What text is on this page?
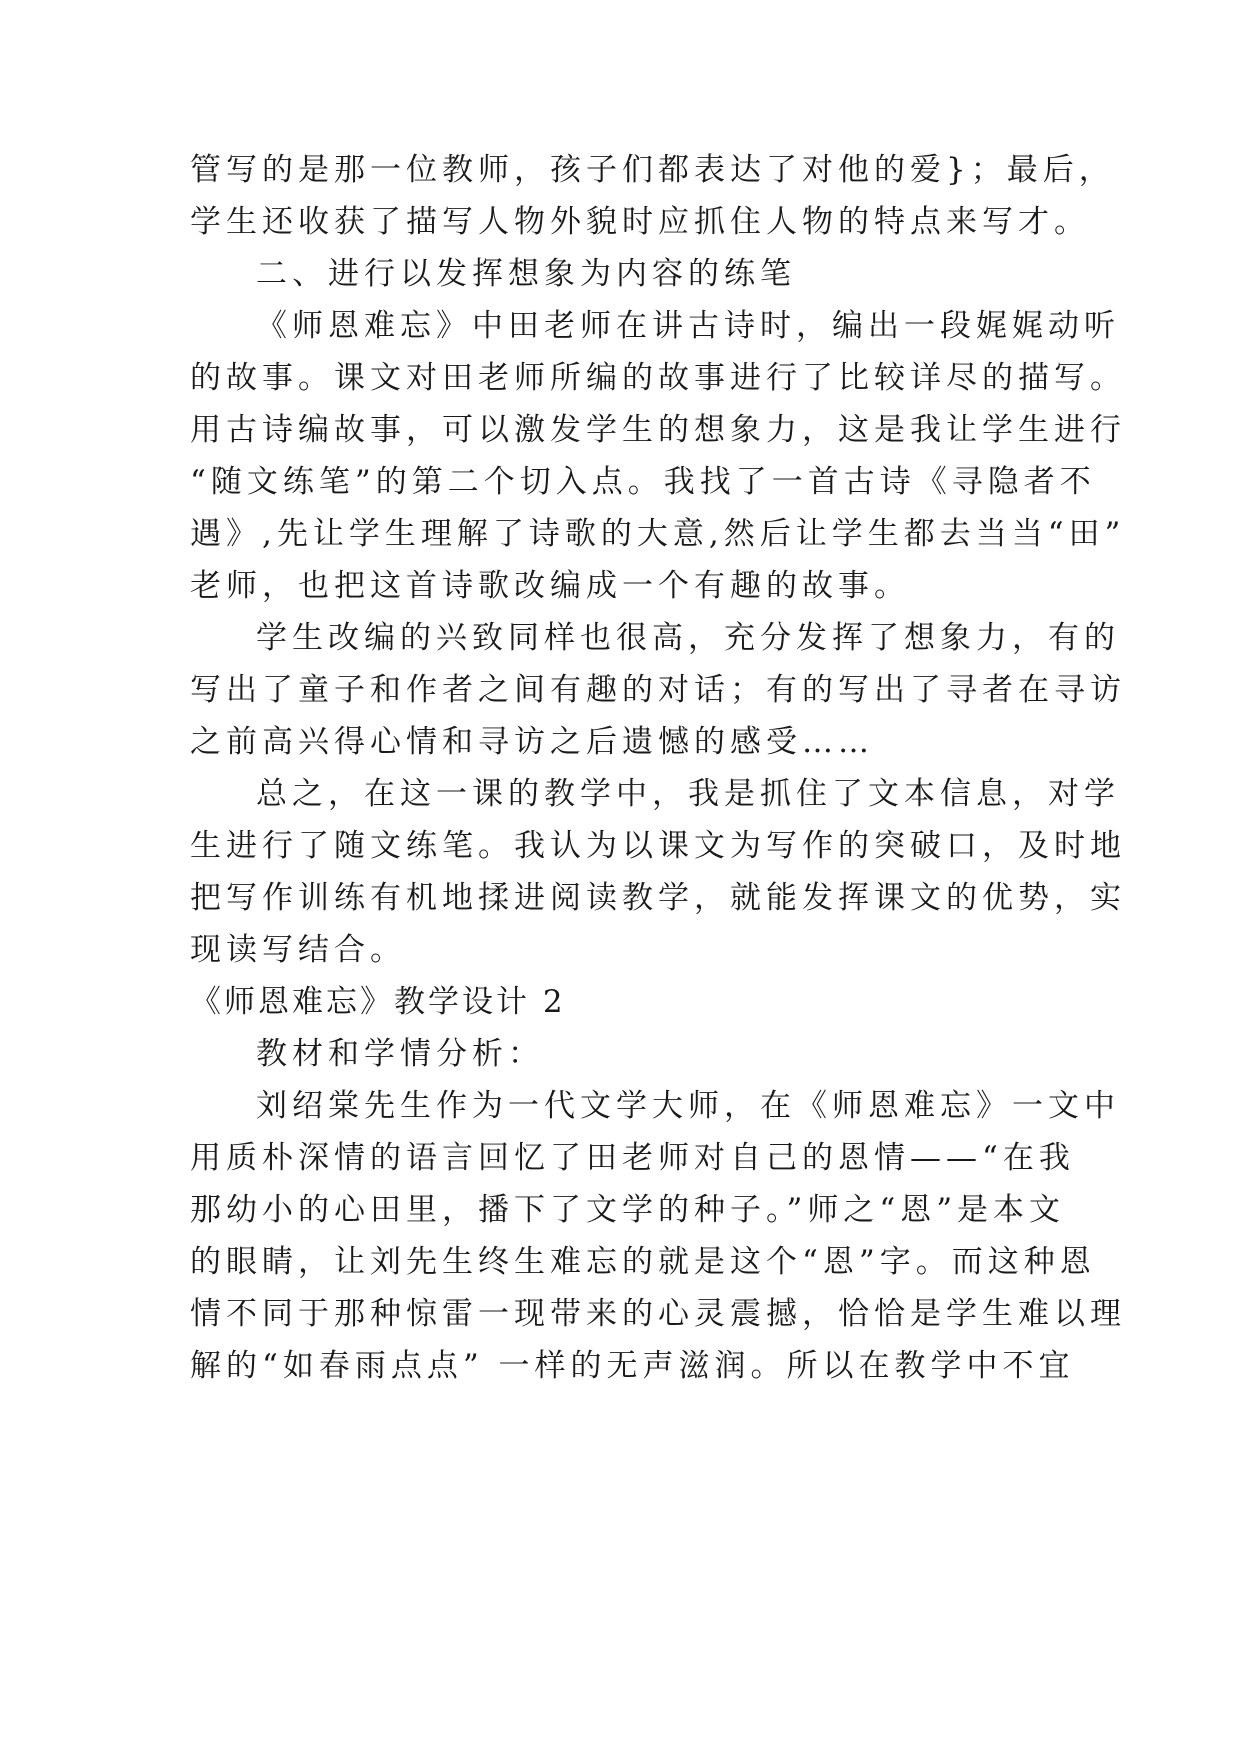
管写的是那一位教师，孩子们都表达了对他的爱}；最后，
学生还收获了描写人物外貌时应抓住人物的特点来写才。
二、进行以发挥想象为内容的练笔
《师恩难忘》中田老师在讲古诗时，编出一段娓娓动听
的故事。课文对田老师所编的故事进行了比较详尽的描写。
用古诗编故事，可以激发学生的想象力，这是我让学生进行
“随文练笔”的第二个切入点。我找了一首古诗《寻隐者不
遇》,先让学生理解了诗歌的大意,然后让学生都去当当“田”
老师，也把这首诗歌改编成一个有趣的故事。
学生改编的兴致同样也很高，充分发挥了想象力，有的
写出了童子和作者之间有趣的对话；有的写出了寻者在寻访
之前高兴得心情和寻访之后遗憾的感受……
总之，在这一课的教学中，我是抓住了文本信息，对学
生进行了随文练笔。我认为以课文为写作的突破口，及时地
把写作训练有机地揉进阅读教学，就能发挥课文的优势，实
现读写结合。
《师恩难忘》教学设计 2
教材和学情分析：
刘绍棠先生作为一代文学大师，在《师恩难忘》一文中
用质朴深情的语言回忆了田老师对自己的恩情——“在我
那幼小的心田里，播下了文学的种子。”师之“恩”是本文
的眼睛，让刘先生终生难忘的就是这个“恩”字。而这种恩
情不同于那种惊雷一现带来的心灵震撼，恰恰是学生难以理
解的“如春雨点点” 一样的无声滋润。所以在教学中不宜
